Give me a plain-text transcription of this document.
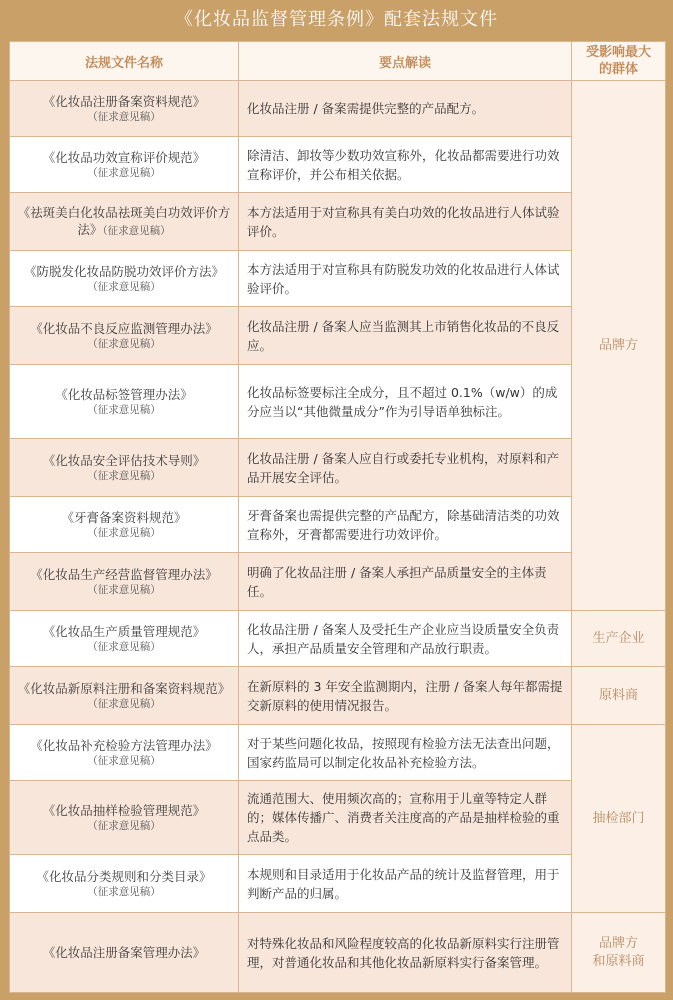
《化妆品监督管理条例》配套法规文件
法规文件名称	要点解读	受影响最大
的群体

《化妆品注册备案资料规范》
（征求意见稿）	化妆品注册 / 备案需提供完整的产品配方。	品牌方

《化妆品功效宣称评价规范》
（征求意见稿）	除清洁、卸妆等少数功效宣称外，化妆品都需要进行功效宣称评价，并公布相关依据。	

《祛斑美白化妆品祛斑美白功效评价方法》（征求意见稿）	本方法适用于对宣称具有美白功效的化妆品进行人体试验评价。	

《防脱发化妆品防脱功效评价方法》
（征求意见稿）	本方法适用于对宣称具有防脱发功效的化妆品进行人体试验评价。	

《化妆品不良反应监测管理办法》
（征求意见稿）	化妆品注册 / 备案人应当监测其上市销售化妆品的不良反应。	

《化妆品标签管理办法》
（征求意见稿）	化妆品标签要标注全成分，且不超过 0.1%（w/w）的成分应当以“其他微量成分”作为引导语单独标注。	

《化妆品安全评估技术导则》
（征求意见稿）	化妆品注册 / 备案人应自行或委托专业机构，对原料和产品开展安全评估。	

《牙膏备案资料规范》
（征求意见稿）	牙膏备案也需提供完整的产品配方，除基础清洁类的功效宣称外，牙膏都需要进行功效评价。	

《化妆品生产经营监督管理办法》
（征求意见稿）	明确了化妆品注册 / 备案人承担产品质量安全的主体责任。	

《化妆品生产质量管理规范》
（征求意见稿）	化妆品注册 / 备案人及受托生产企业应当设质量安全负责人，承担产品质量安全管理和产品放行职责。	生产企业

《化妆品新原料注册和备案资料规范》
（征求意见稿）	在新原料的 3 年安全监测期内，注册 / 备案人每年都需提交新原料的使用情况报告。	原料商

《化妆品补充检验方法管理办法》
（征求意见稿）	对于某些问题化妆品，按照现有检验方法无法查出问题，国家药监局可以制定化妆品补充检验方法。	抽检部门

《化妆品抽样检验管理规范》
（征求意见稿）	流通范围大、使用频次高的；宣称用于儿童等特定人群的；媒体传播广、消费者关注度高的产品是抽样检验的重点品类。	

《化妆品分类规则和分类目录》
（征求意见稿）	本规则和目录适用于化妆品产品的统计及监督管理，用于判断产品的归属。	

《化妆品注册备案管理办法》	对特殊化妆品和风险程度较高的化妆品新原料实行注册管理，对普通化妆品和其他化妆品新原料实行备案管理。	品牌方
和原料商
